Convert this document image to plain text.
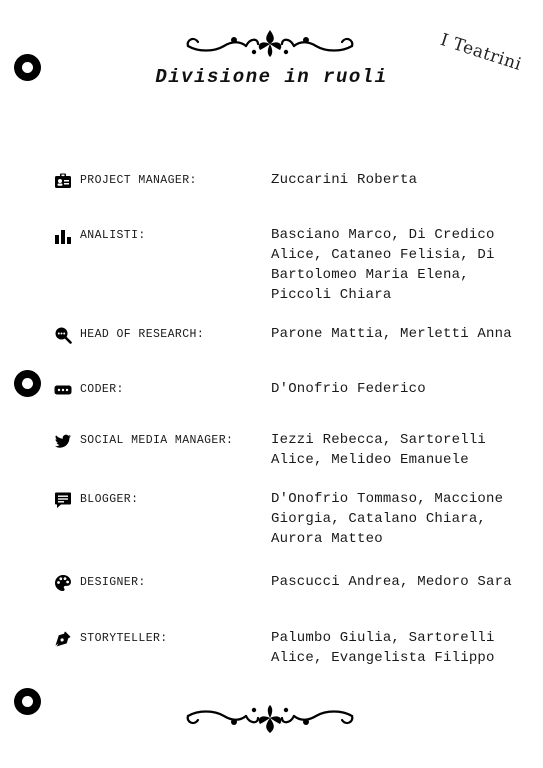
I Teatrini
Divisione in ruoli
PROJECT MANAGER:	Zuccarini Roberta
ANALISTI:	Basciano Marco, Di Credico
Alice, Cataneo Felisia, Di
Bartolomeo Maria Elena,
Piccoli Chiara
HEAD OF RESEARCH:	Parone Mattia, Merletti Anna
CODER:	D'Onofrio Federico
SOCIAL MEDIA MANAGER:	Iezzi Rebecca, Sartorelli
Alice, Melideo Emanuele
BLOGGER:	D'Onofrio Tommaso, Maccione
Giorgia, Catalano Chiara,
Aurora Matteo
DESIGNER:	Pascucci Andrea, Medoro Sara
STORYTELLER:	Palumbo Giulia, Sartorelli
Alice, Evangelista Filippo
